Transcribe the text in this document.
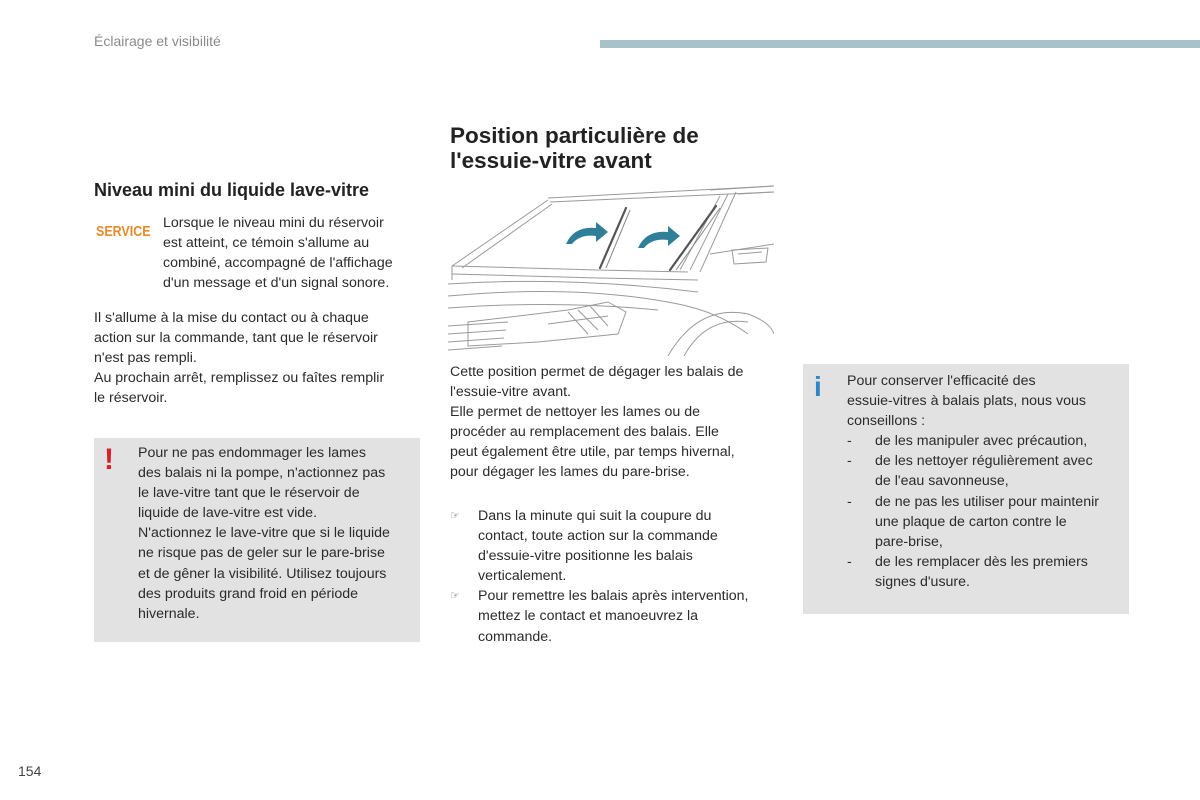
Éclairage et visibilité
Niveau mini du liquide lave-vitre
SERVICE
Lorsque le niveau mini du réservoir
est atteint, ce témoin s'allume au
combiné, accompagné de l'affichage
d'un message et d'un signal sonore.
Il s'allume à la mise du contact ou à chaque
action sur la commande, tant que le réservoir
n'est pas rempli.
Au prochain arrêt, remplissez ou faîtes remplir
le réservoir.
! Pour ne pas endommager les lames
des balais ni la pompe, n'actionnez pas
le lave-vitre tant que le réservoir de
liquide de lave-vitre est vide.
N'actionnez le lave-vitre que si le liquide
ne risque pas de geler sur le pare-brise
et de gêner la visibilité. Utilisez toujours
des produits grand froid en période
hivernale.
Position particulière de
l'essuie-vitre avant
Cette position permet de dégager les balais de
l'essuie-vitre avant.
Elle permet de nettoyer les lames ou de
procéder au remplacement des balais. Elle
peut également être utile, par temps hivernal,
pour dégager les lames du pare-brise.
☞ Dans la minute qui suit la coupure du
contact, toute action sur la commande
d'essuie-vitre positionne les balais
verticalement.
☞ Pour remettre les balais après intervention,
mettez le contact et manoeuvrez la
commande.
i Pour conserver l'efficacité des
essuie-vitres à balais plats, nous vous
conseillons :
- de les manipuler avec précaution,
- de les nettoyer régulièrement avec
de l'eau savonneuse,
- de ne pas les utiliser pour maintenir
une plaque de carton contre le
pare-brise,
- de les remplacer dès les premiers
signes d'usure.
154
